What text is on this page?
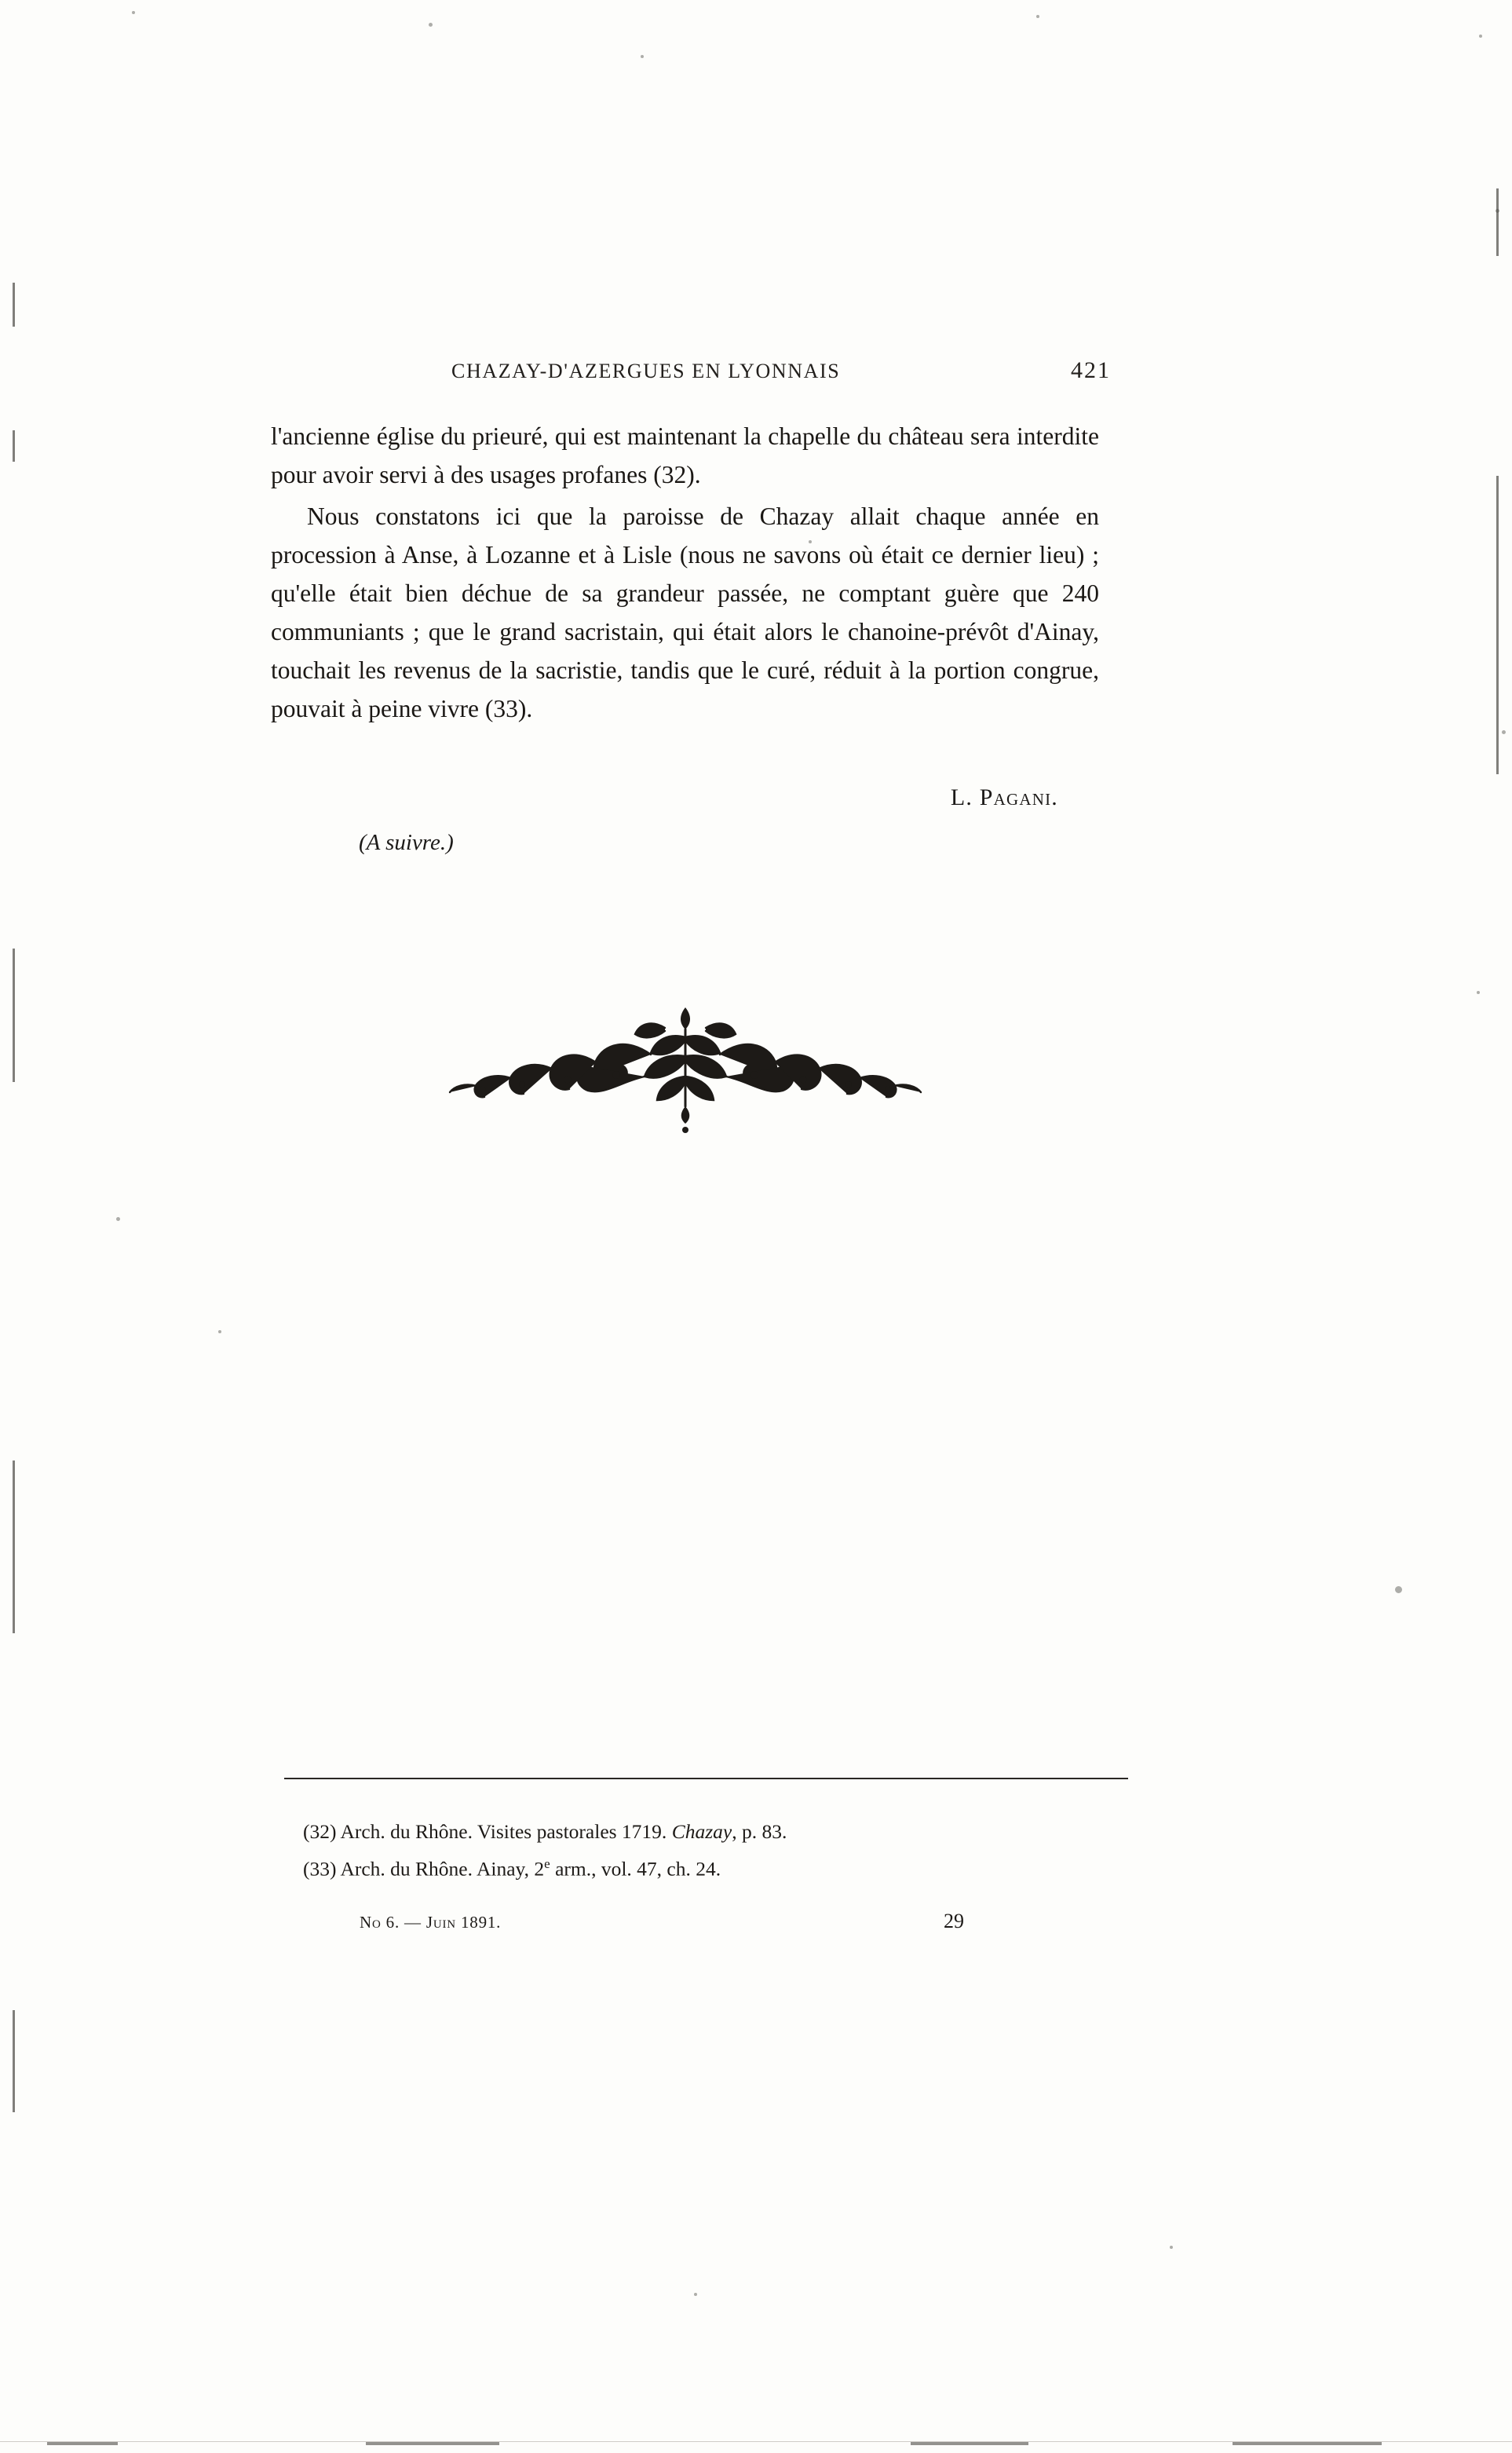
CHAZAY-D'AZERGUES EN LYONNAIS	421

l'ancienne église du prieuré, qui est maintenant la chapelle du château sera interdite pour avoir servi à des usages profanes (32).

Nous constatons ici que la paroisse de Chazay allait chaque année en procession à Anse, à Lozanne et à Lisle (nous ne savons où était ce dernier lieu) ; qu'elle était bien déchue de sa grandeur passée, ne comptant guère que 240 communiants ; que le grand sacristain, qui était alors le chanoine-prévôt d'Ainay, touchait les revenus de la sacristie, tandis que le curé, réduit à la portion congrue, pouvait à peine vivre (33).

L. Pagani.
(A suivre.)
(32) Arch. du Rhône. Visites pastorales 1719. Chazay, p. 83.
(33) Arch. du Rhône. Ainay, 2e arm., vol. 47, ch. 24.
No 6. — Juin 1891.	29
